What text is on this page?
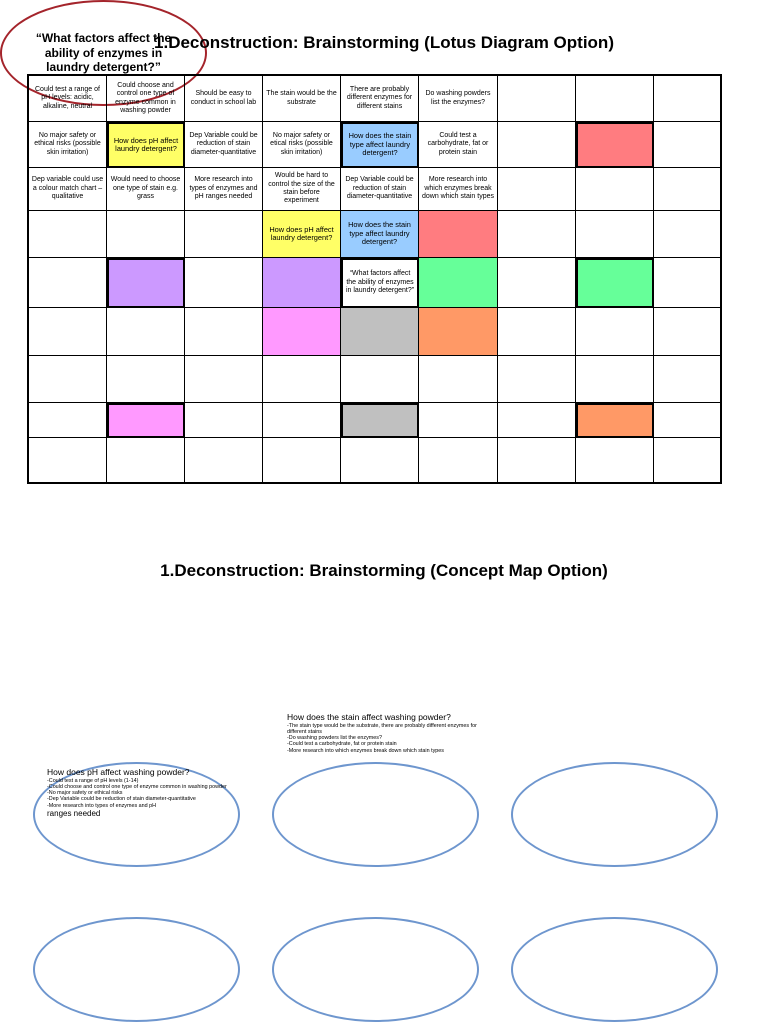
1.Deconstruction: Brainstorming (Lotus Diagram Option)
Could test a range of pH levels: acidic, alkaline, neutral
Could choose and control one type of enzyme common in washing powder
Should be easy to conduct in school lab
The stain would be the substrate
There are probably different enzymes for different stains
Do washing powders list the enzymes?
No major safety or ethical risks (possible skin irritation)
How does pH affect laundry detergent?
Dep Variable could be reduction of stain diameter-quantitative
No major safety or etical risks (possible skin irritation)
How does the stain type affect laundry detergent?
Could test a carbohydrate, fat or protein stain
Dep variable could use a colour match chart – qualitative
Would need to choose one type of stain e.g. grass
More research into types of enzymes and pH ranges needed
Would be hard to control the size of the stain before experiment
Dep Variable could be reduction of stain diameter-quantitative
More research into which enzymes break down which stain types
How does pH affect laundry detergent?
How does the stain type affect laundry detergent?
“What factors affect the ability of enzymes in laundry detergent?”
1.Deconstruction: Brainstorming (Concept Map Option)
“What factors affect the ability of enzymes in laundry detergent?”
How does the stain affect washing powder?
-The stain type would be the substrate, there are probably different enzymes for different stains
-Do washing powders list the enzymes?
-Could test a carbohydrate, fat or protein stain
-More research into which enzymes break down which stain types
How does pH affect washing powder?
-Could test a range of pH levels (1-14)
-Could choose and control one type of enzyme common in washing powder
-No major safety or ethical risks
-Dep Variable could be reduction of stain diameter-quantitative
-More research into types of enzymes and pH
ranges needed
